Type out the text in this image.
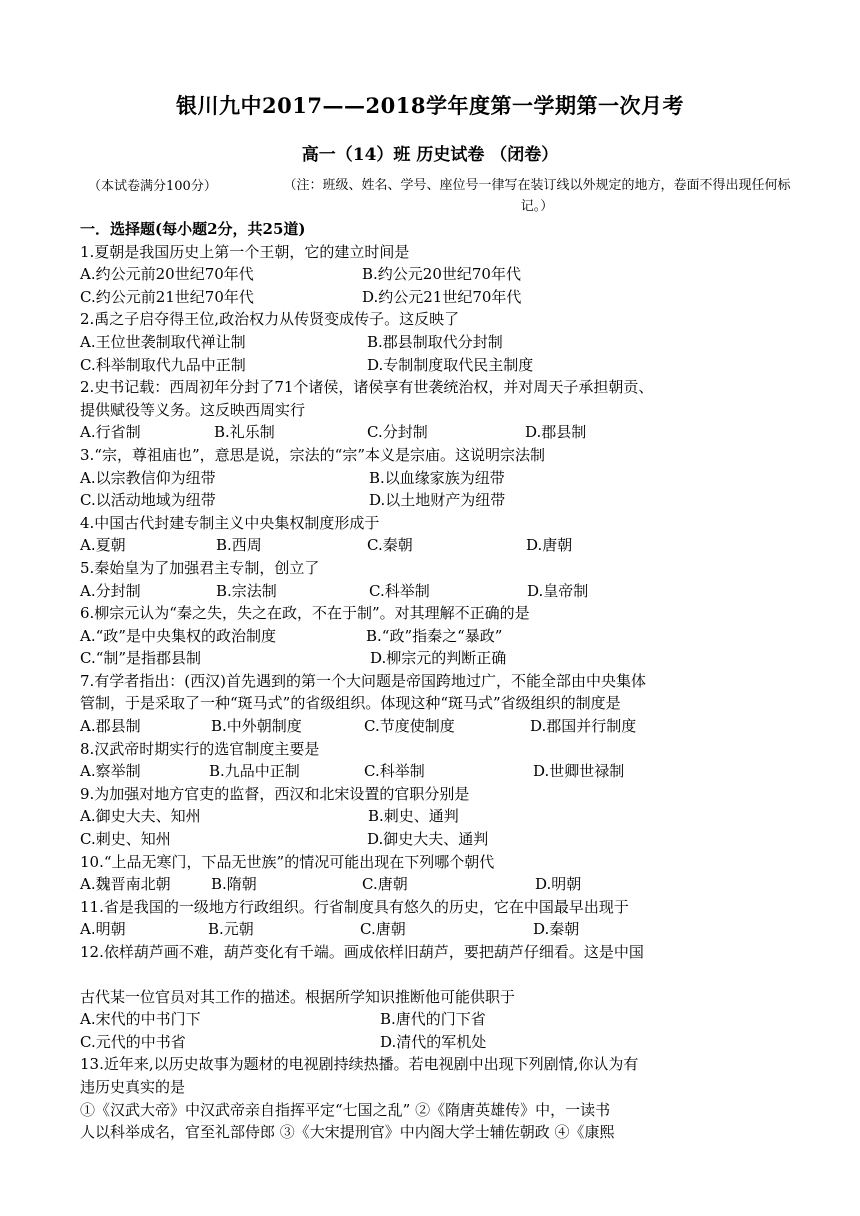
银川九中2017——2018学年度第一学期第一次月考
高一（14）班 历史试卷 （闭卷）
（本试卷满分100分）	（注：班级、姓名、学号、座位号一律写在装订线以外规定的地方，卷面不得出现任何标记。）
一．选择题(每小题2分，共25道)
1.夏朝是我国历史上第一个王朝，它的建立时间是
A.约公元前20世纪70年代	B.约公元20世纪70年代
C.约公元前21世纪70年代	D.约公元21世纪70年代
2.禹之子启夺得王位,政治权力从传贤变成传子。这反映了
A.王位世袭制取代禅让制	B.郡县制取代分封制
C.科举制取代九品中正制	D.专制制度取代民主制度
2.史书记载：西周初年分封了71个诸侯，诸侯享有世袭统治权，并对周天子承担朝贡、
提供赋役等义务。这反映西周实行
A.行省制	B.礼乐制	C.分封制	D.郡县制
3.“宗，尊祖庙也”，意思是说，宗法的“宗”本义是宗庙。这说明宗法制
A.以宗教信仰为纽带	B.以血缘家族为纽带
C.以活动地域为纽带	D.以土地财产为纽带
4.中国古代封建专制主义中央集权制度形成于
A.夏朝	B.西周	C.秦朝	D.唐朝
5.秦始皇为了加强君主专制，创立了
A.分封制	B.宗法制	C.科举制	D.皇帝制
6.柳宗元认为“秦之失，失之在政，不在于制”。对其理解不正确的是
A.“政”是中央集权的政治制度	B.“政”指秦之“暴政”
C.“制”是指郡县制	D.柳宗元的判断正确
7.有学者指出：(西汉)首先遇到的第一个大问题是帝国跨地过广，不能全部由中央集体
管制，于是采取了一种“斑马式”的省级组织。体现这种“斑马式”省级组织的制度是
A.郡县制	B.中外朝制度	C.节度使制度	D.郡国并行制度
8.汉武帝时期实行的选官制度主要是
A.察举制	B.九品中正制	C.科举制	D.世卿世禄制
9.为加强对地方官吏的监督，西汉和北宋设置的官职分别是
A.御史大夫、知州	B.刺史、通判
C.刺史、知州	D.御史大夫、通判
10.“上品无寒门，下品无世族”的情况可能出现在下列哪个朝代
A.魏晋南北朝	B.隋朝	C.唐朝	D.明朝
11.省是我国的一级地方行政组织。行省制度具有悠久的历史，它在中国最早出现于
A.明朝	B.元朝	C.唐朝	D.秦朝
12.依样葫芦画不难，葫芦变化有千端。画成依样旧葫芦，要把葫芦仔细看。这是中国
古代某一位官员对其工作的描述。根据所学知识推断他可能供职于
A.宋代的中书门下	B.唐代的门下省
C.元代的中书省	D.清代的军机处
13.近年来,以历史故事为题材的电视剧持续热播。若电视剧中出现下列剧情,你认为有
违历史真实的是
①《汉武大帝》中汉武帝亲自指挥平定“七国之乱” ②《隋唐英雄传》中，一读书
人以科举成名，官至礼部侍郎 ③《大宋提刑官》中内阁大学士辅佐朝政 ④《康熙
